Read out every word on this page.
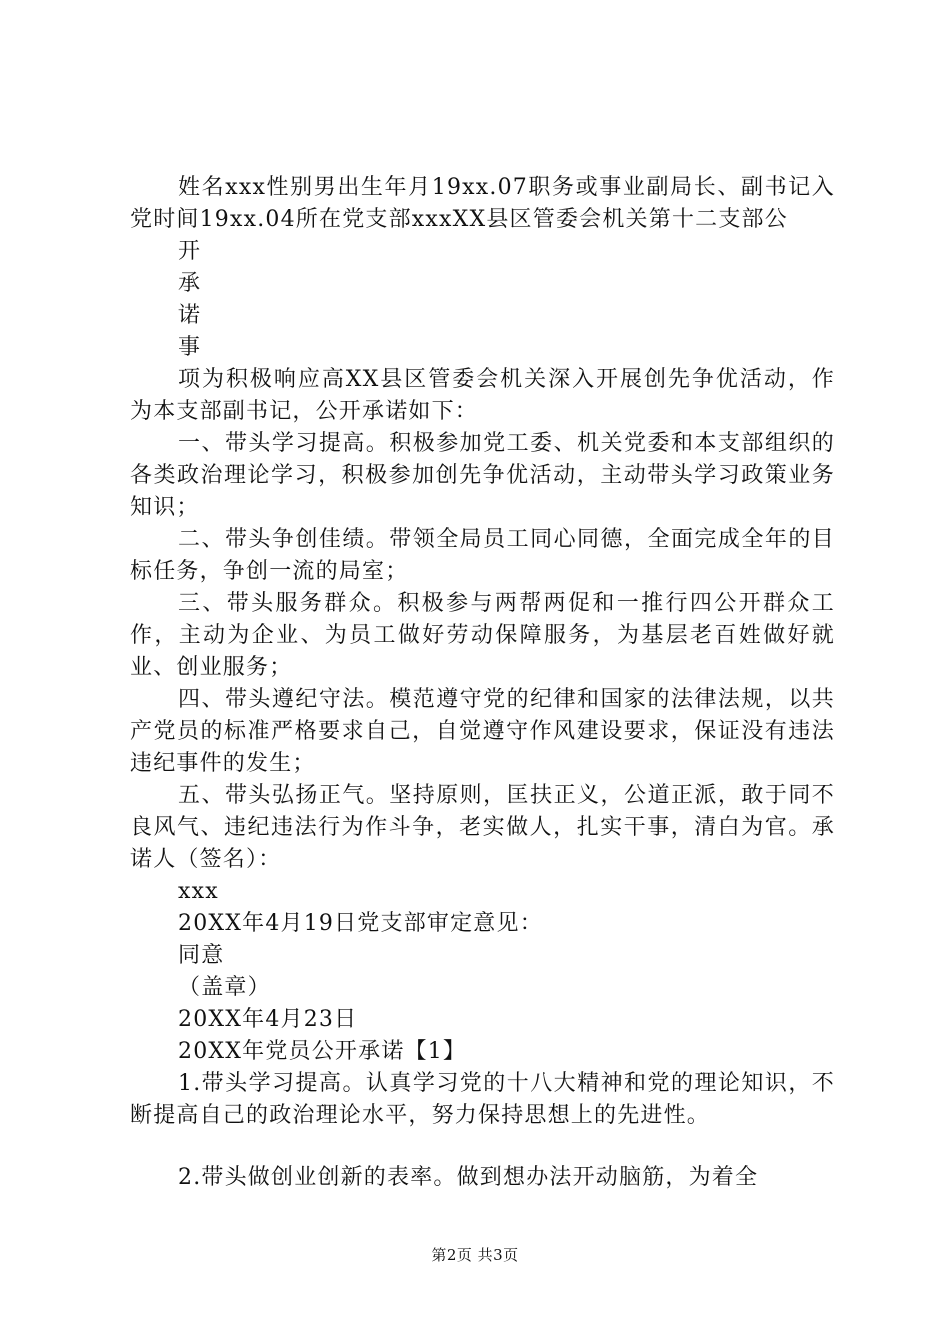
姓名xxx性别男出生年月19xx.07职务或事业副局长、副书记入党时间19xx.04所在党支部xxxXX县区管委会机关第十二支部公

开

承

诺

事

项为积极响应高XX县区管委会机关深入开展创先争优活动，作为本支部副书记，公开承诺如下：

一、带头学习提高。积极参加党工委、机关党委和本支部组织的各类政治理论学习，积极参加创先争优活动，主动带头学习政策业务知识；

二、带头争创佳绩。带领全局员工同心同德，全面完成全年的目标任务，争创一流的局室；

三、带头服务群众。积极参与两帮两促和一推行四公开群众工作，主动为企业、为员工做好劳动保障服务，为基层老百姓做好就业、创业服务；

四、带头遵纪守法。模范遵守党的纪律和国家的法律法规，以共产党员的标准严格要求自己，自觉遵守作风建设要求，保证没有违法违纪事件的发生；

五、带头弘扬正气。坚持原则，匡扶正义，公道正派，敢于同不良风气、违纪违法行为作斗争，老实做人，扎实干事，清白为官。承诺人（签名）：

xxx

20XX年4月19日党支部审定意见：

同意

（盖章）

20XX年4月23日

20XX年党员公开承诺【1】

1.带头学习提高。认真学习党的十八大精神和党的理论知识，不断提高自己的政治理论水平，努力保持思想上的先进性。

2.带头做创业创新的表率。做到想办法开动脑筋，为着全

第2页 共3页
